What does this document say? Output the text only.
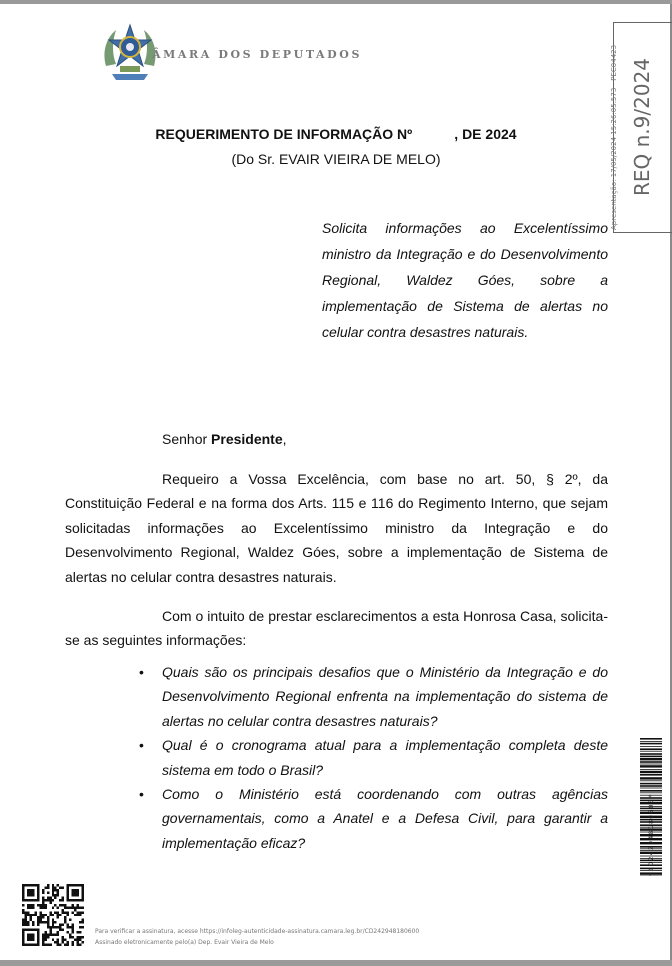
ÂMARA DOS DEPUTADOS
REQUERIMENTO DE INFORMAÇÃO Nº	, DE 2024
(Do Sr. EVAIR VIEIRA DE MELO)
Solicita informações ao Excelentíssimo ministro da Integração e do Desenvolvimento Regional, Waldez Góes, sobre a implementação de Sistema de alertas no celular contra desastres naturais.
Senhor Presidente,

Requeiro a Vossa Excelência, com base no art. 50, § 2º, da Constituição Federal e na forma dos Arts. 115 e 116 do Regimento Interno, que sejam solicitadas informações ao Excelentíssimo ministro da Integração e do Desenvolvimento Regional, Waldez Góes, sobre a implementação de Sistema de alertas no celular contra desastres naturais.

Com o intuito de prestar esclarecimentos a esta Honrosa Casa, solicita-se as seguintes informações:

• Quais são os principais desafios que o Ministério da Integração e do Desenvolvimento Regional enfrenta na implementação do sistema de alertas no celular contra desastres naturais?
• Qual é o cronograma atual para a implementação completa deste sistema em todo o Brasil?
• Como o Ministério está coordenando com outras agências governamentais, como a Anatel e a Defesa Civil, para garantir a implementação eficaz?
REQ n.9/2024
*CD242948180600*
Para verificar a assinatura, acesse https://infoleg-autenticidade-assinatura.camara.leg.br/CD242948180600
Assinado eletronicamente pelo(a) Dep. Evair Vieira de Melo
